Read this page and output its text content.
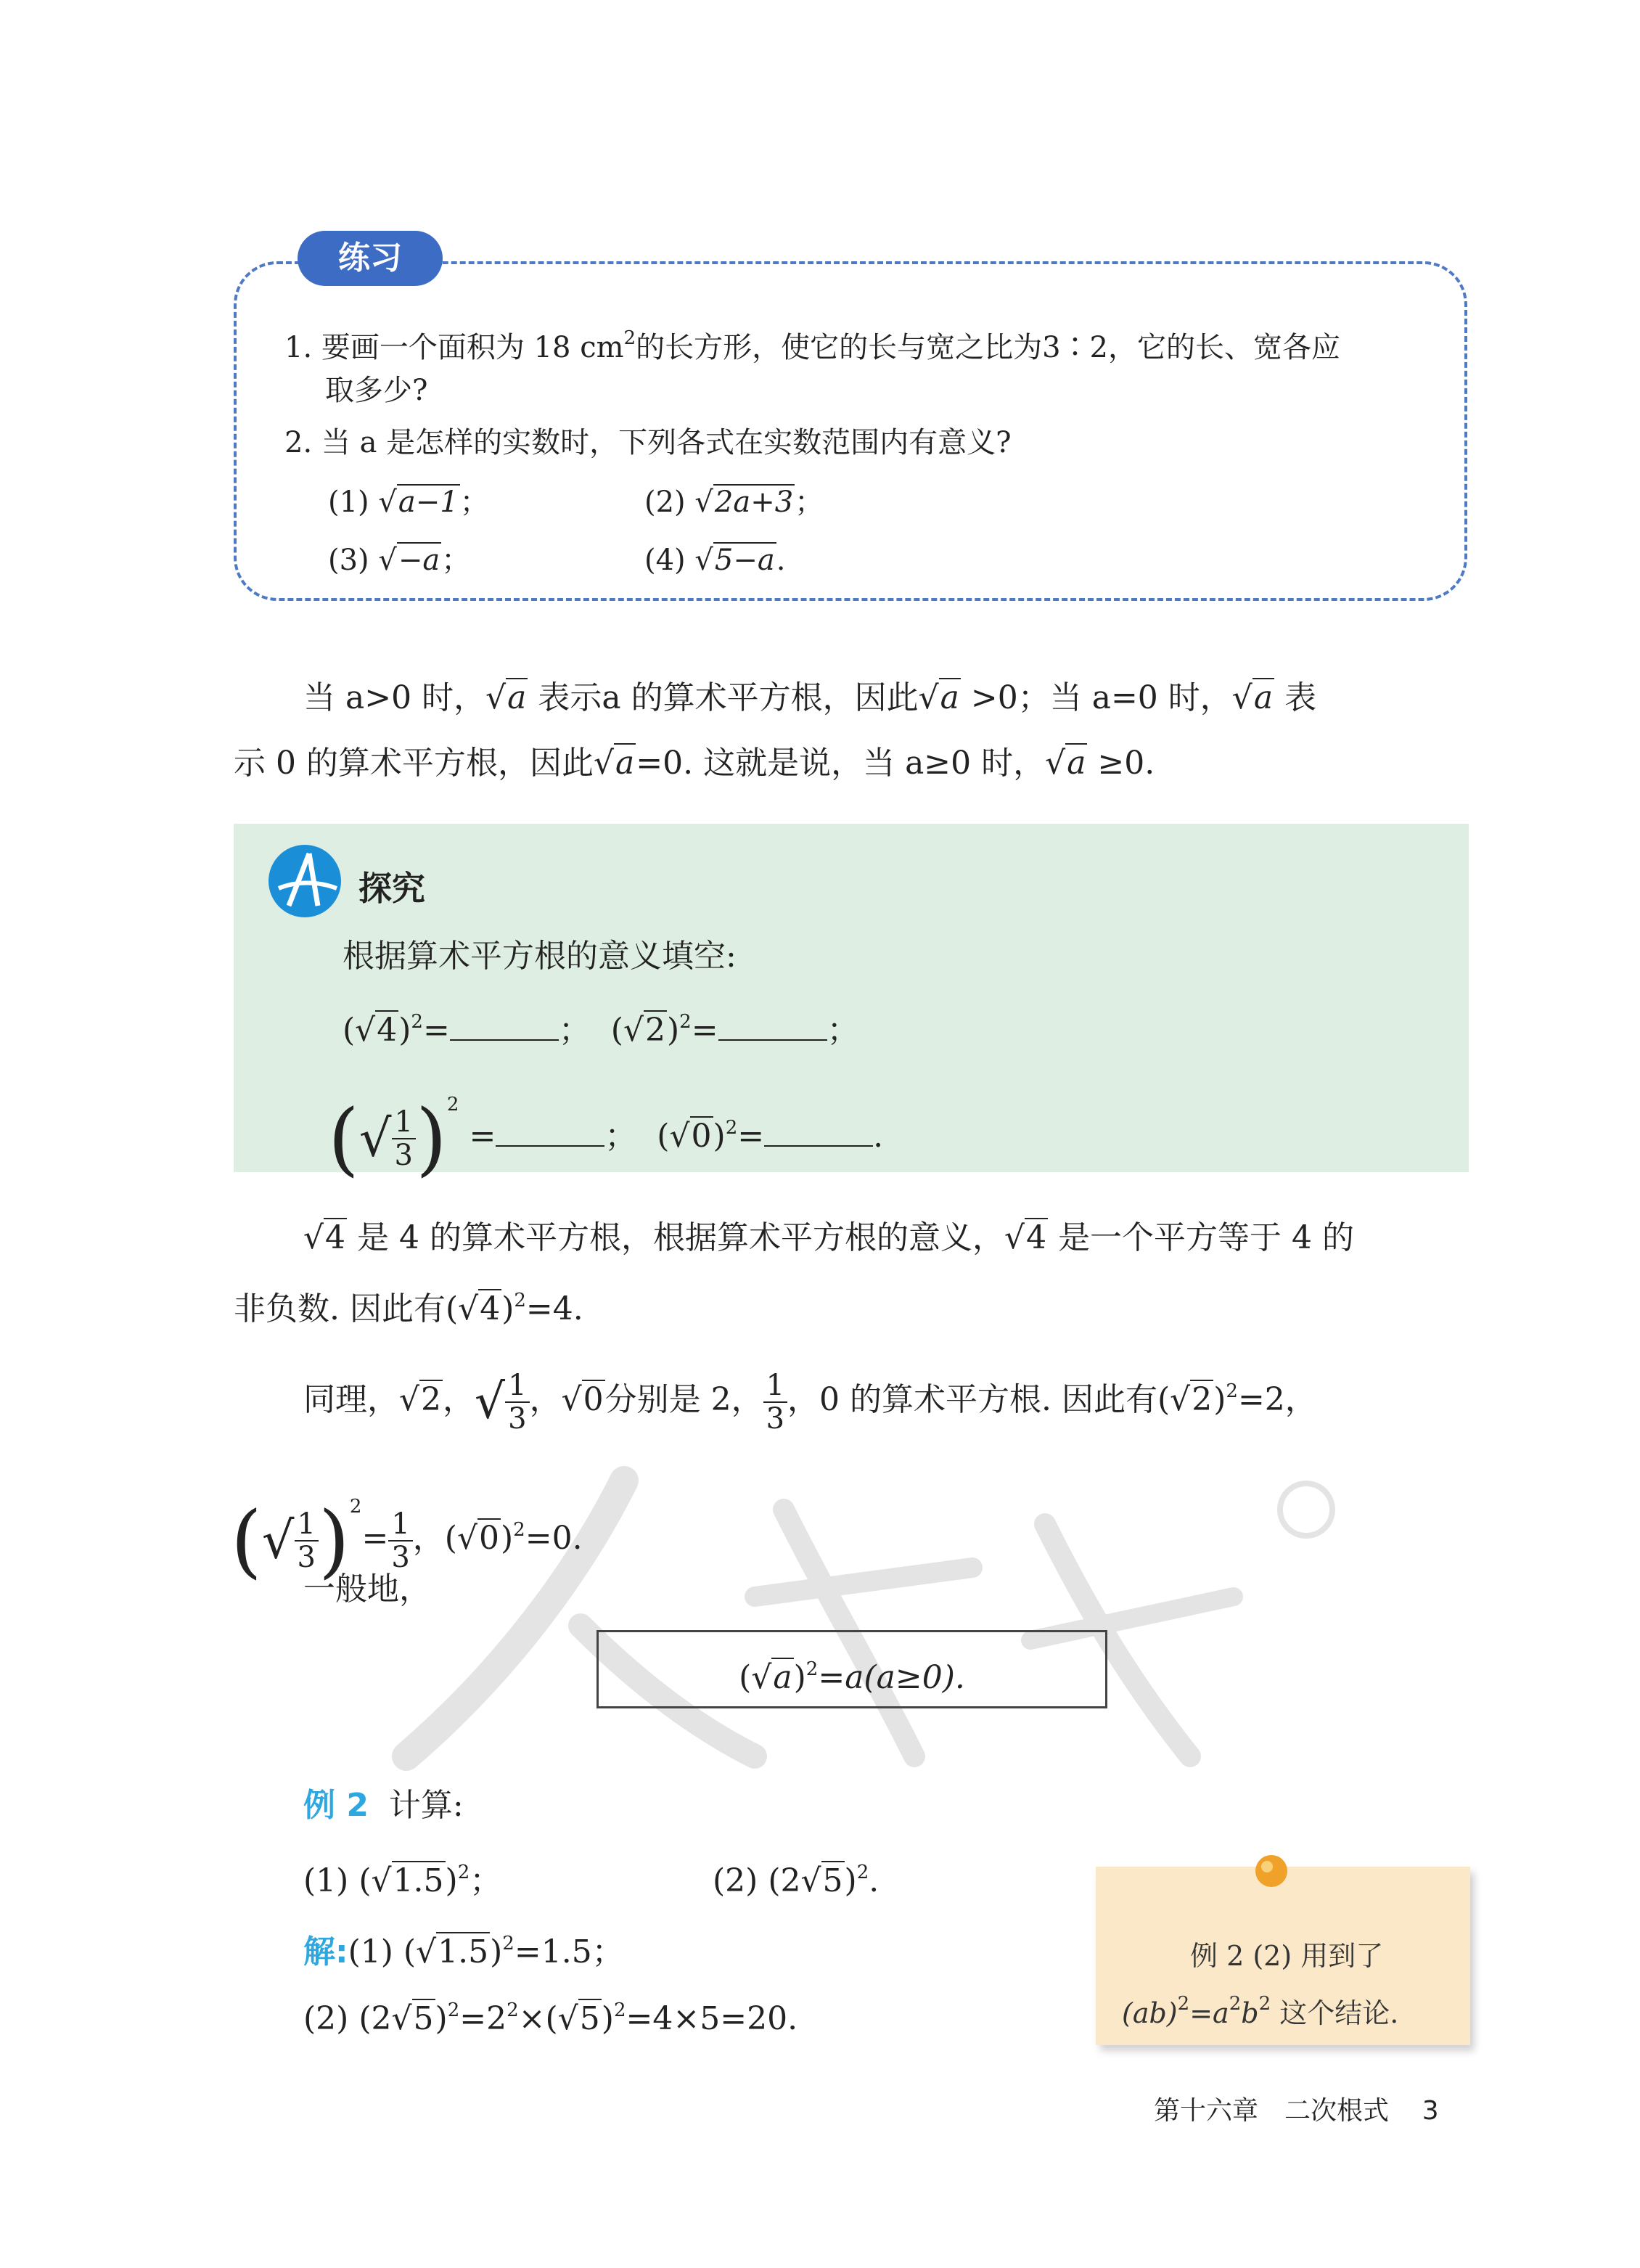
练习
1. 要画一个面积为 18 $cm^2$的长方形，使它的长与宽之比为3∶2，它的长、宽各应
取多少?
2. 当 a 是怎样的实数时，下列各式在实数范围内有意义?
(1) √a−1；	(2) √2a+3；
(3) √−a；	(4) √5−a.
当 a>0 时，√a 表示a 的算术平方根，因此√a >0；当 a=0 时，√a 表
示 0 的算术平方根，因此√a=0. 这就是说，当 a≥0 时，√a ≥0.
探究
根据算术平方根的意义填空:
$(√4)^2=$	；  $(√2)^2=$	；
(√ $\frac{1}{3} )^2$ =	；  $(√0)^2=$	.
√4 是 4 的算术平方根，根据算术平方根的意义，√4 是一个平方等于 4 的
非负数. 因此有$(√4)^2=4$.
同理，√2，√ $\frac{1}{3}$ ，√0分别是 2， $\frac{1}{3}$ ，0 的算术平方根. 因此有$(√2)^2=2$，
(√ $\frac{1}{3} )^2= \frac{1}{3}$ ，$(√0)^2=0$.
一般地，
$(√a)^2=a(a\ge 0)$.
例 2 计算:
(1) $(√1.5)^2$；	(2) $(2√5)^2$.
解:(1) $(√1.5)^2=1.5$；
(2) $(2√5)^2=2^2\times(√5)^2=4\times 5=20$.
例 2 (2) 用到了
$(ab)^2=a^2b^2$ 这个结论.
第十六章　二次根式 3
